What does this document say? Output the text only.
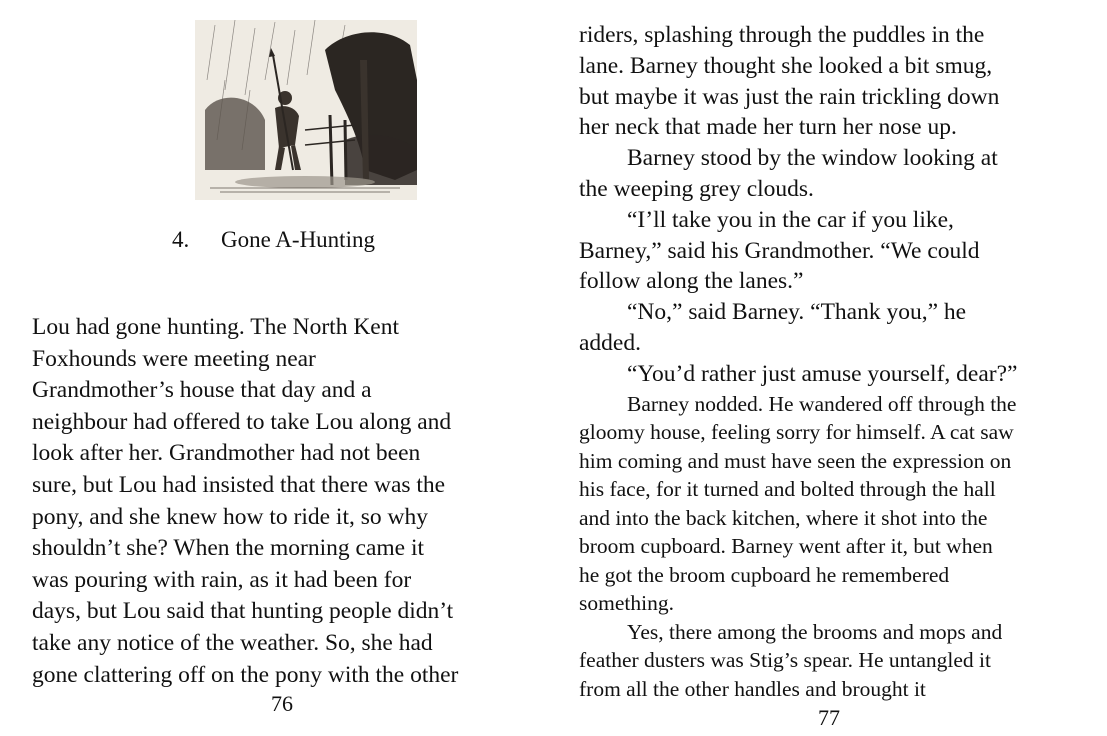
4. Gone A-Hunting
Lou had gone hunting. The North Kent
Foxhounds were meeting near
Grandmother’s house that day and a
neighbour had offered to take Lou along and
look after her. Grandmother had not been
sure, but Lou had insisted that there was the
pony, and she knew how to ride it, so why
shouldn’t she? When the morning came it
was pouring with rain, as it had been for
days, but Lou said that hunting people didn’t
take any notice of the weather. So, she had
gone clattering off on the pony with the other
76
riders, splashing through the puddles in the
lane. Barney thought she looked a bit smug,
but maybe it was just the rain trickling down
her neck that made her turn her nose up.
Barney stood by the window looking at
the weeping grey clouds.
“I’ll take you in the car if you like,
Barney,” said his Grandmother. “We could
follow along the lanes.”
“No,” said Barney. “Thank you,” he
added.
“You’d rather just amuse yourself, dear?”
Barney nodded. He wandered off through the
gloomy house, feeling sorry for himself. A cat saw
him coming and must have seen the expression on
his face, for it turned and bolted through the hall
and into the back kitchen, where it shot into the
broom cupboard. Barney went after it, but when
he got the broom cupboard he remembered
something.
Yes, there among the brooms and mops and
feather dusters was Stig’s spear. He untangled it
from all the other handles and brought it
77
